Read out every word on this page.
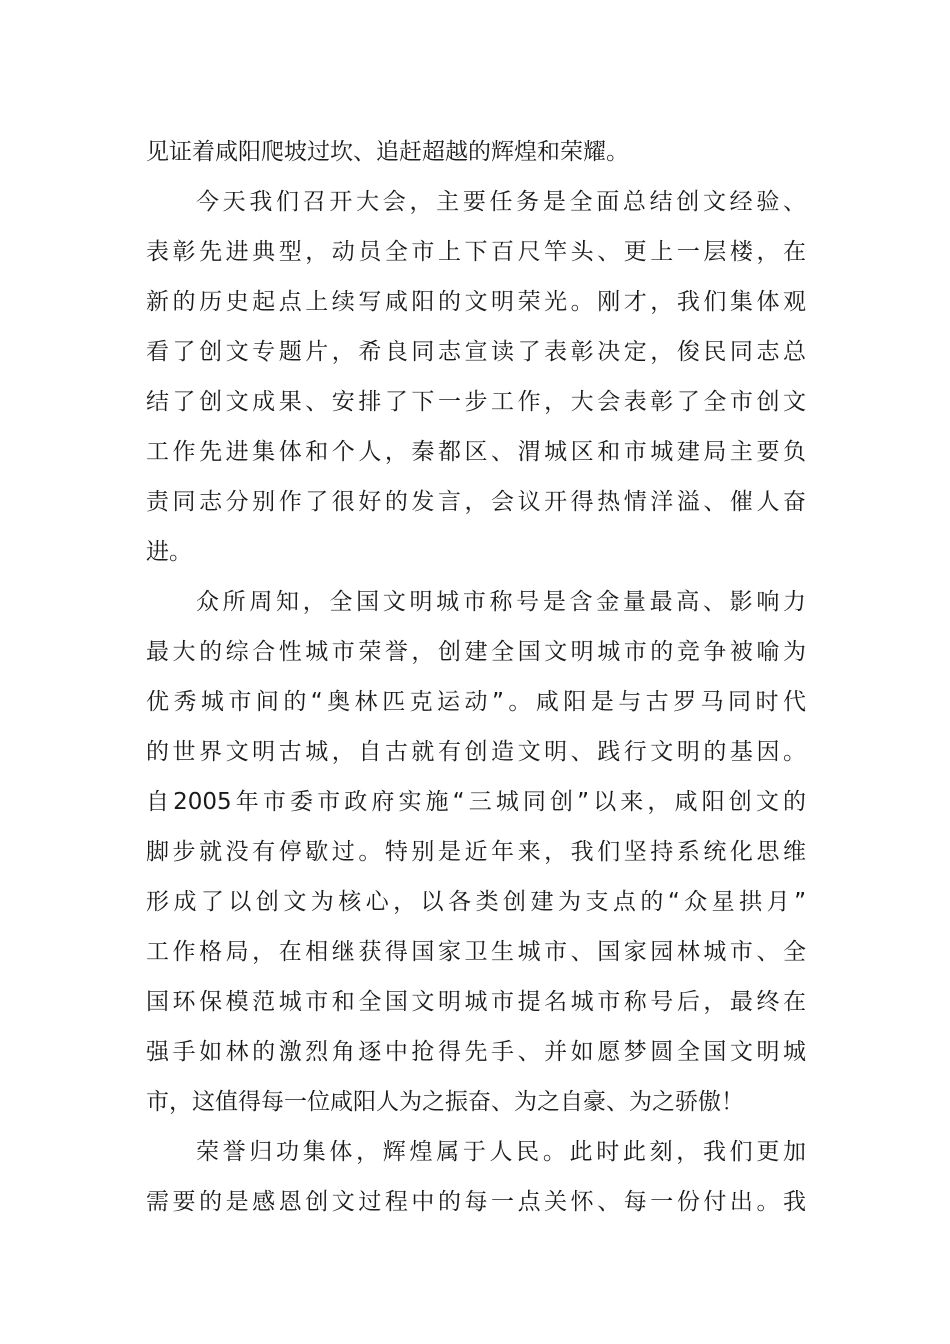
见证着咸阳爬坡过坎、追赶超越的辉煌和荣耀。
今天我们召开大会，主要任务是全面总结创文经验、
表彰先进典型，动员全市上下百尺竿头、更上一层楼，在
新的历史起点上续写咸阳的文明荣光。刚才，我们集体观
看了创文专题片，希良同志宣读了表彰决定，俊民同志总
结了创文成果、安排了下一步工作，大会表彰了全市创文
工作先进集体和个人，秦都区、渭城区和市城建局主要负
责同志分别作了很好的发言，会议开得热情洋溢、催人奋
进。
众所周知，全国文明城市称号是含金量最高、影响力
最大的综合性城市荣誉，创建全国文明城市的竞争被喻为
优秀城市间的“奥林匹克运动”。咸阳是与古罗马同时代
的世界文明古城，自古就有创造文明、践行文明的基因。
自2005年市委市政府实施“三城同创”以来，咸阳创文的
脚步就没有停歇过。特别是近年来，我们坚持系统化思维
形成了以创文为核心，以各类创建为支点的“众星拱月”
工作格局，在相继获得国家卫生城市、国家园林城市、全
国环保模范城市和全国文明城市提名城市称号后，最终在
强手如林的激烈角逐中抢得先手、并如愿梦圆全国文明城
市，这值得每一位咸阳人为之振奋、为之自豪、为之骄傲！
荣誉归功集体，辉煌属于人民。此时此刻，我们更加
需要的是感恩创文过程中的每一点关怀、每一份付出。我
